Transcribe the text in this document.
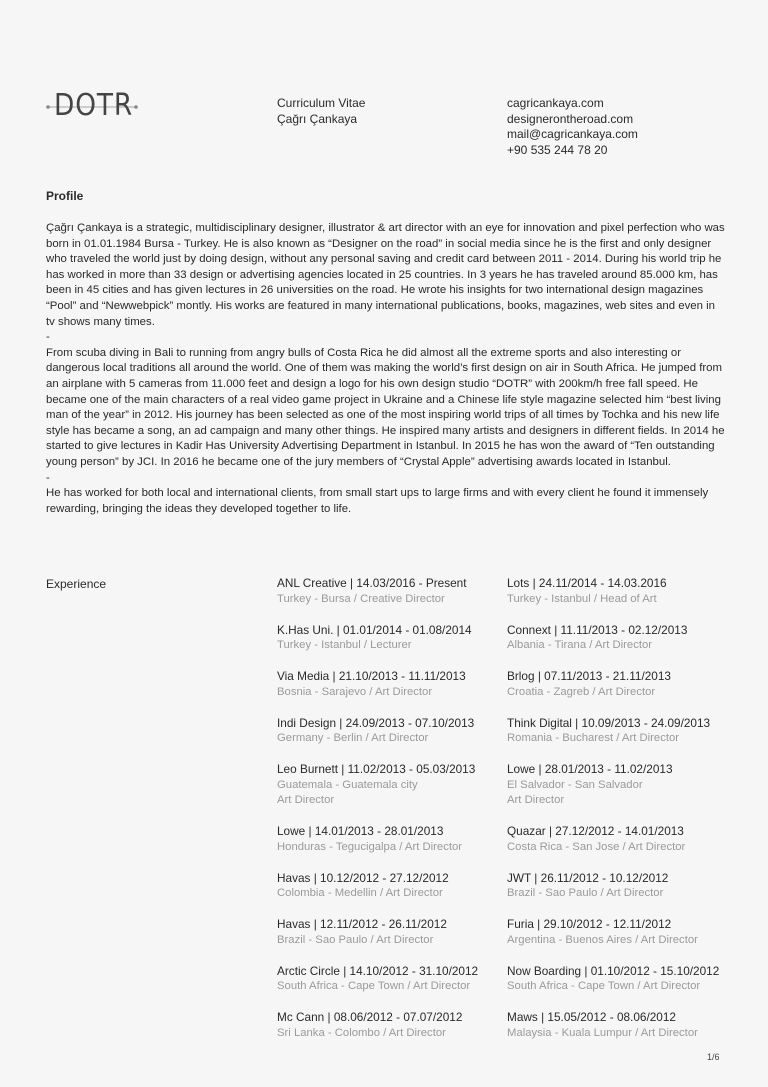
DOTR	Curriculum Vitae
Çağrı Çankaya
cagricankaya.com
designerontheroad.com
mail@cagricankaya.com
+90 535 244 78 20
Profile

Çağrı Çankaya is a strategic, multidisciplinary designer, illustrator & art director with an eye for innovation and pixel perfection who was born in 01.01.1984 Bursa - Turkey. He is also known as “Designer on the road” in social media since he is the first and only designer who traveled the world just by doing design, without any personal saving and credit card between 2011 - 2014. During his world trip he has worked in more than 33 design or advertising agencies located in 25 countries. In 3 years he has traveled around 85.000 km, has been in 45 cities and has given lectures in 26 universities on the road. He wrote his insights for two international design magazines “Pool” and “Newwebpick” montly. His works are featured in many international publications, books, magazines, web sites and even in tv shows many times.

-

From scuba diving in Bali to running from angry bulls of Costa Rica he did almost all the extreme sports and also interesting or dangerous local traditions all around the world. One of them was making the world’s first design on air in South Africa. He jumped from an airplane with 5 cameras from 11.000 feet and design a logo for his own design studio “DOTR” with 200km/h free fall speed. He became one of the main characters of a real video game project in Ukraine and a Chinese life style magazine selected him “best living man of the year” in 2012. His journey has been selected as one of the most inspiring world trips of all times by Tochka and his new life style has became a song, an ad campaign and many other things. He inspired many artists and designers in different fields. In 2014 he started to give lectures in Kadir Has University Advertising Department in Istanbul. In 2015 he has won the award of “Ten outstanding young person” by JCI. In 2016 he became one of the jury members of “Crystal Apple” advertising awards located in Istanbul.

-

He has worked for both local and international clients, from small start ups to large firms and with every client he found it immensely rewarding, bringing the ideas they developed together to life.

Experience	ANL Creative | 14.03/2016 - Present
Turkey - Bursa / Creative Director
K.Has Uni. | 01.01/2014 - 01.08/2014
Turkey - Istanbul / Lecturer
Via Media | 21.10/2013 - 11.11/2013
Bosnia - Sarajevo / Art Director
Indi Design | 24.09/2013 - 07.10/2013
Germany - Berlin / Art Director
Leo Burnett | 11.02/2013 - 05.03/2013
Guatemala - Guatemala city
Art Director
Lowe | 14.01/2013 - 28.01/2013
Honduras - Tegucigalpa / Art Director
Havas | 10.12/2012 - 27.12/2012
Colombia - Medellin / Art Director
Havas | 12.11/2012 - 26.11/2012
Brazil - Sao Paulo / Art Director
Arctic Circle | 14.10/2012 - 31.10/2012
South Africa - Cape Town / Art Director
Mc Cann | 08.06/2012 - 07.07/2012
Sri Lanka - Colombo / Art Director
Lots | 24.11/2014 - 14.03.2016
Turkey - Istanbul / Head of Art
Connext | 11.11/2013 - 02.12/2013
Albania - Tirana / Art Director
Brlog | 07.11/2013 - 21.11/2013
Croatia - Zagreb / Art Director
Think Digital | 10.09/2013 - 24.09/2013
Romania - Bucharest / Art Director
Lowe | 28.01/2013 - 11.02/2013
El Salvador - San Salvador
Art Director
Quazar | 27.12/2012 - 14.01/2013
Costa Rica - San Jose / Art Director
JWT | 26.11/2012 - 10.12/2012
Brazil - Sao Paulo / Art Director
Furia | 29.10/2012 - 12.11/2012
Argentina - Buenos Aires / Art Director
Now Boarding | 01.10/2012 - 15.10/2012
South Africa - Cape Town / Art Director
Maws | 15.05/2012 - 08.06/2012
Malaysia - Kuala Lumpur / Art Director
1/6
